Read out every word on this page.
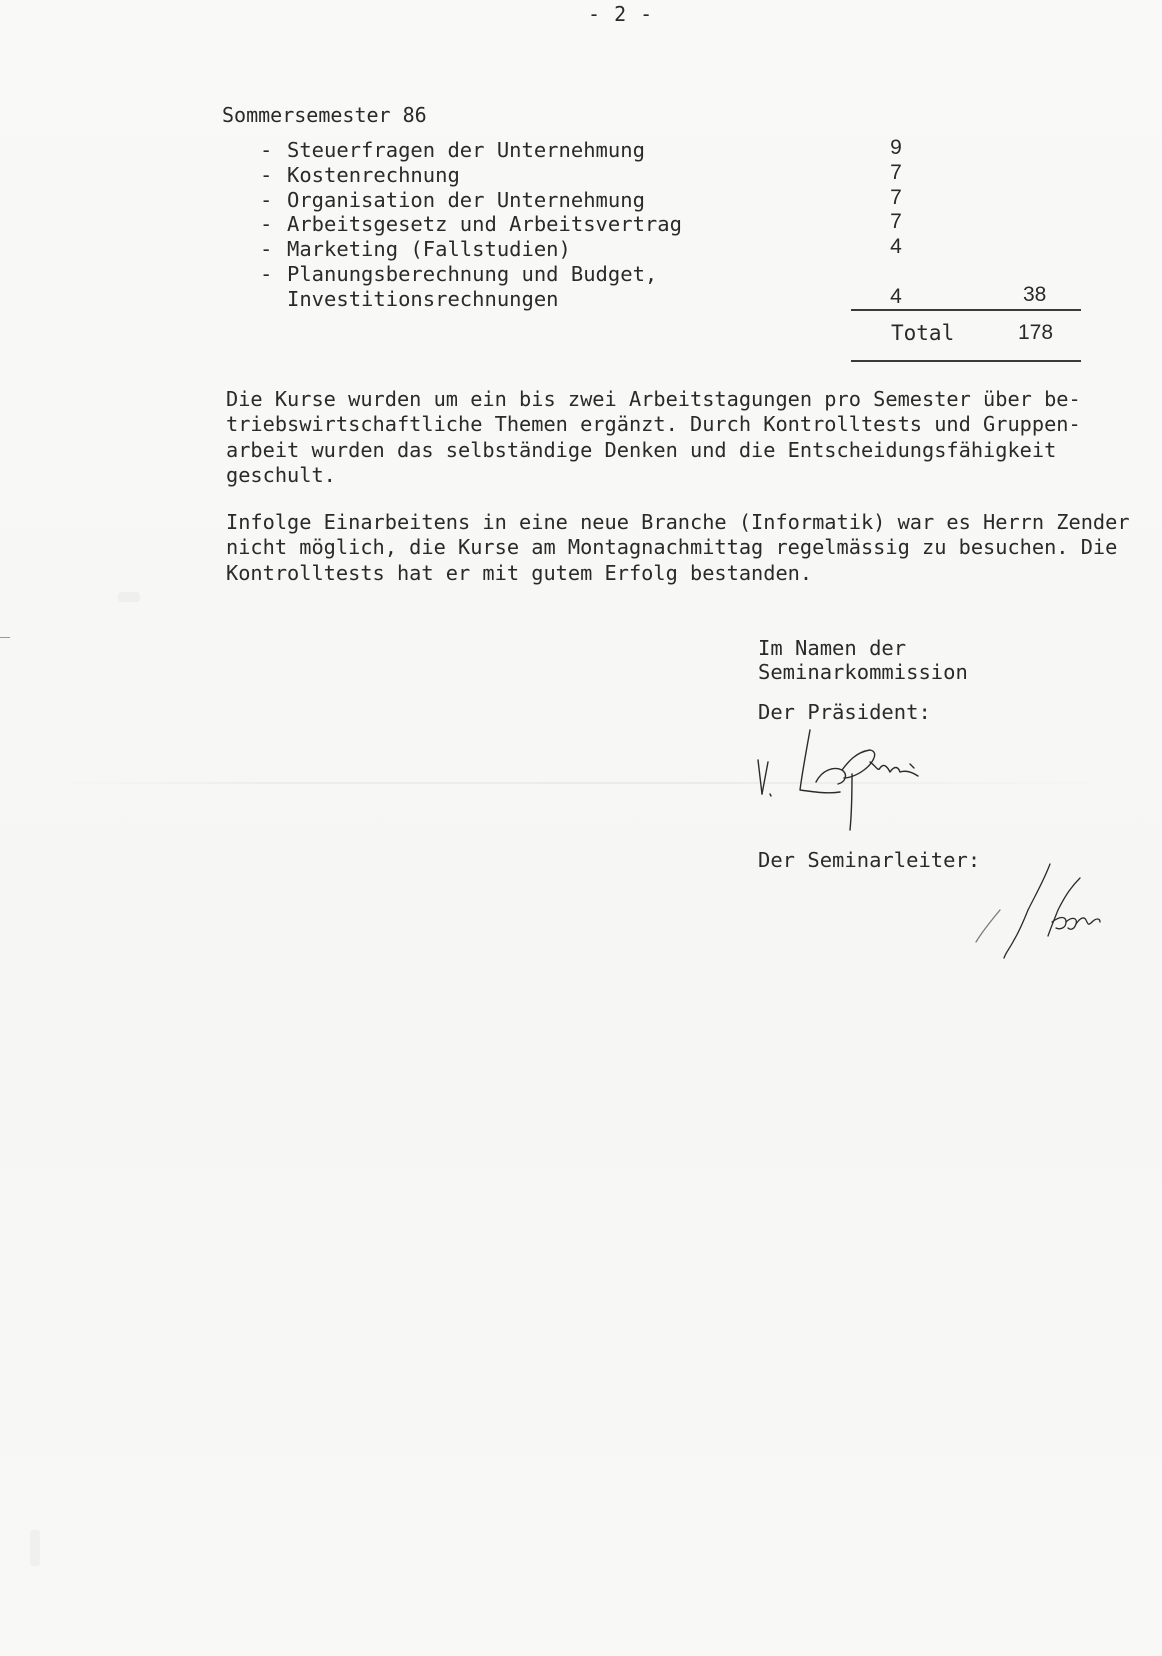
- 2 -
Sommersemester 86
- Steuerfragen der Unternehmung
- Kostenrechnung
- Organisation der Unternehmung
- Arbeitsgesetz und Arbeitsvertrag
- Marketing (Fallstudien)
- Planungsberechnung und Budget,
Investitionsrechnungen
9
7
7
7
4
4	38
Total	178
Die Kurse wurden um ein bis zwei Arbeitstagungen pro Semester über be-
triebswirtschaftliche Themen ergänzt. Durch Kontrolltests und Gruppen-
arbeit wurden das selbständige Denken und die Entscheidungsfähigkeit
geschult.
Infolge Einarbeitens in eine neue Branche (Informatik) war es Herrn Zender
nicht möglich, die Kurse am Montagnachmittag regelmässig zu besuchen. Die
Kontrolltests hat er mit gutem Erfolg bestanden.
Im Namen der
Seminarkommission
Der Präsident:
Der Seminarleiter:
